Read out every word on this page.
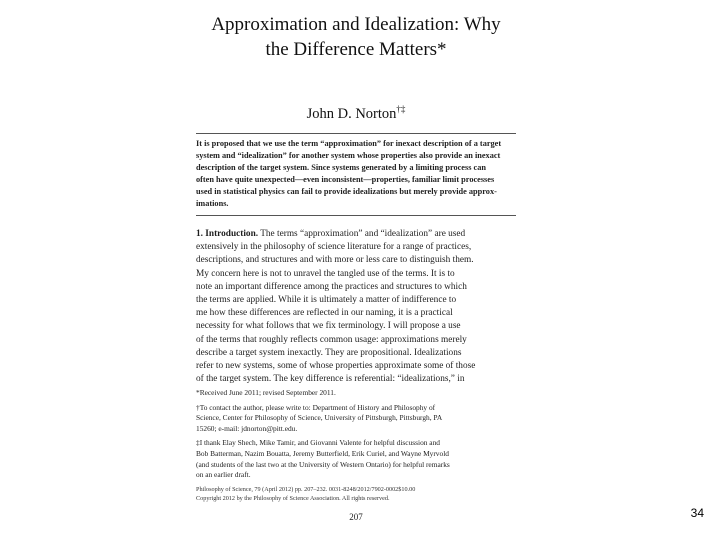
Approximation and Idealization: Why
the Difference Matters*
John D. Norton†‡
It is proposed that we use the term “approximation” for inexact description of a target
system and “idealization” for another system whose properties also provide an inexact
description of the target system. Since systems generated by a limiting process can
often have quite unexpected—even inconsistent—properties, familiar limit processes
used in statistical physics can fail to provide idealizations but merely provide approx-
imations.
1. Introduction. The terms “approximation” and “idealization” are used
extensively in the philosophy of science literature for a range of practices,
descriptions, and structures and with more or less care to distinguish them.
My concern here is not to unravel the tangled use of the terms. It is to
note an important difference among the practices and structures to which
the terms are applied. While it is ultimately a matter of indifference to
me how these differences are reflected in our naming, it is a practical
necessity for what follows that we fix terminology. I will propose a use
of the terms that roughly reflects common usage: approximations merely
describe a target system inexactly. They are propositional. Idealizations
refer to new systems, some of whose properties approximate some of those
of the target system. The key difference is referential: “idealizations,” in
*Received June 2011; revised September 2011.
†To contact the author, please write to: Department of History and Philosophy of
Science, Center for Philosophy of Science, University of Pittsburgh, Pittsburgh, PA
15260; e-mail: jdnorton@pitt.edu.
‡I thank Elay Shech, Mike Tamir, and Giovanni Valente for helpful discussion and
Bob Batterman, Nazim Bouatta, Jeremy Butterfield, Erik Curiel, and Wayne Myrvold
(and students of the last two at the University of Western Ontario) for helpful remarks
on an earlier draft.
Philosophy of Science, 79 (April 2012) pp. 207–232. 0031-8248/2012/7902-0002$10.00
Copyright 2012 by the Philosophy of Science Association. All rights reserved.
207	34
